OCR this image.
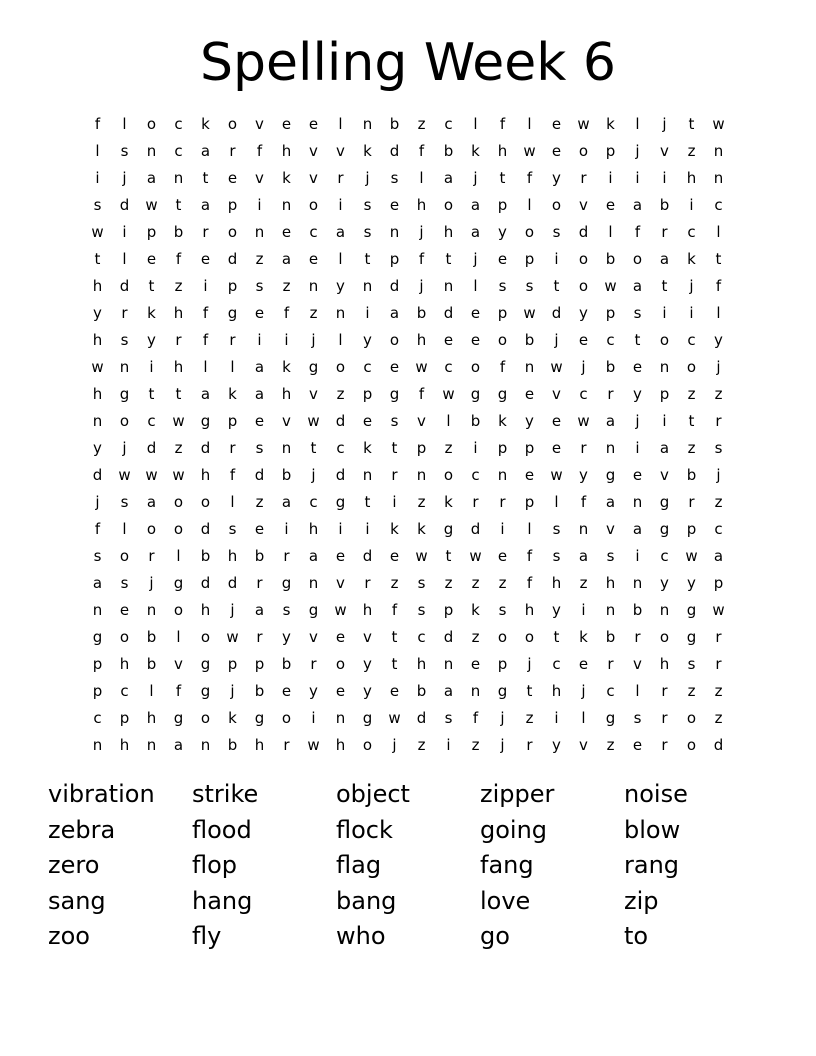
Spelling Week 6
f	l	o	c	k	o	v	e	e	l	n	b	z	c	l	f	l	e	w	k	l	j	t	w
l	s	n	c	a	r	f	h	v	v	k	d	f	b	k	h	w	e	o	p	j	v	z	n
i	j	a	n	t	e	v	k	v	r	j	s	l	a	j	t	f	y	r	i	i	i	h	n
s	d	w	t	a	p	i	n	o	i	s	e	h	o	a	p	l	o	v	e	a	b	i	c
w	i	p	b	r	o	n	e	c	a	s	n	j	h	a	y	o	s	d	l	f	r	c	l
t	l	e	f	e	d	z	a	e	l	t	p	f	t	j	e	p	i	o	b	o	a	k	t
h	d	t	z	i	p	s	z	n	y	n	d	j	n	l	s	s	t	o	w	a	t	j	f
y	r	k	h	f	g	e	f	z	n	i	a	b	d	e	p	w	d	y	p	s	i	i	l
h	s	y	r	f	r	i	i	j	l	y	o	h	e	e	o	b	j	e	c	t	o	c	y
w	n	i	h	l	l	a	k	g	o	c	e	w	c	o	f	n	w	j	b	e	n	o	j
h	g	t	t	a	k	a	h	v	z	p	g	f	w	g	g	e	v	c	r	y	p	z	z
n	o	c	w	g	p	e	v	w	d	e	s	v	l	b	k	y	e	w	a	j	i	t	r
y	j	d	z	d	r	s	n	t	c	k	t	p	z	i	p	p	e	r	n	i	a	z	s
d	w w w	h	f	d	b	j	d	n	r	n	o	c	n	e	w	y	g	e	v	b	j
j	s	a	o	o	l	z	a	c	g	t	i	z	k	r	r	p	l	f	a	n	g	r	z
f	l	o	o	d	s	e	i	h	i	i	k	k	g	d	i	l	s	n	v	a	g	p	c
s	o	r	l	b	h	b	r	a	e	d	e	w	t	w	e	f	s	a	s	i	c	w	a
a	s	j	g	d	d	r	g	n	v	r	z	s	z	z	z	f	h	z	h	n	y	y	p
n	e	n	o	h	j	a	s	g	w	h	f	s	p	k	s	h	y	i	n	b	n	g	w
g	o	b	l	o	w	r	y	v	e	v	t	c	d	z	o	o	t	k	b	r	o	g	r
p	h	b	v	g	p	p	b	r	o	y	t	h	n	e	p	j	c	e	r	v	h	s	r
p	c	l	f	g	j	b	e	y	e	y	e	b	a	n	g	t	h	j	c	l	r	z	z
c	p	h	g	o	k	g	o	i	n	g	w	d	s	f	j	z	i	l	g	s	r	o	z
n	h	n	a	n	b	h	r	w	h	o	j	z	i	z	j	r	y	v	z	e	r	o	d
vibration	strike	object	zipper	noise
zebra	flood	flock	going	blow
zero	flop	flag	fang	rang
sang	hang	bang	love	zip
zoo	fly	who	go	to
